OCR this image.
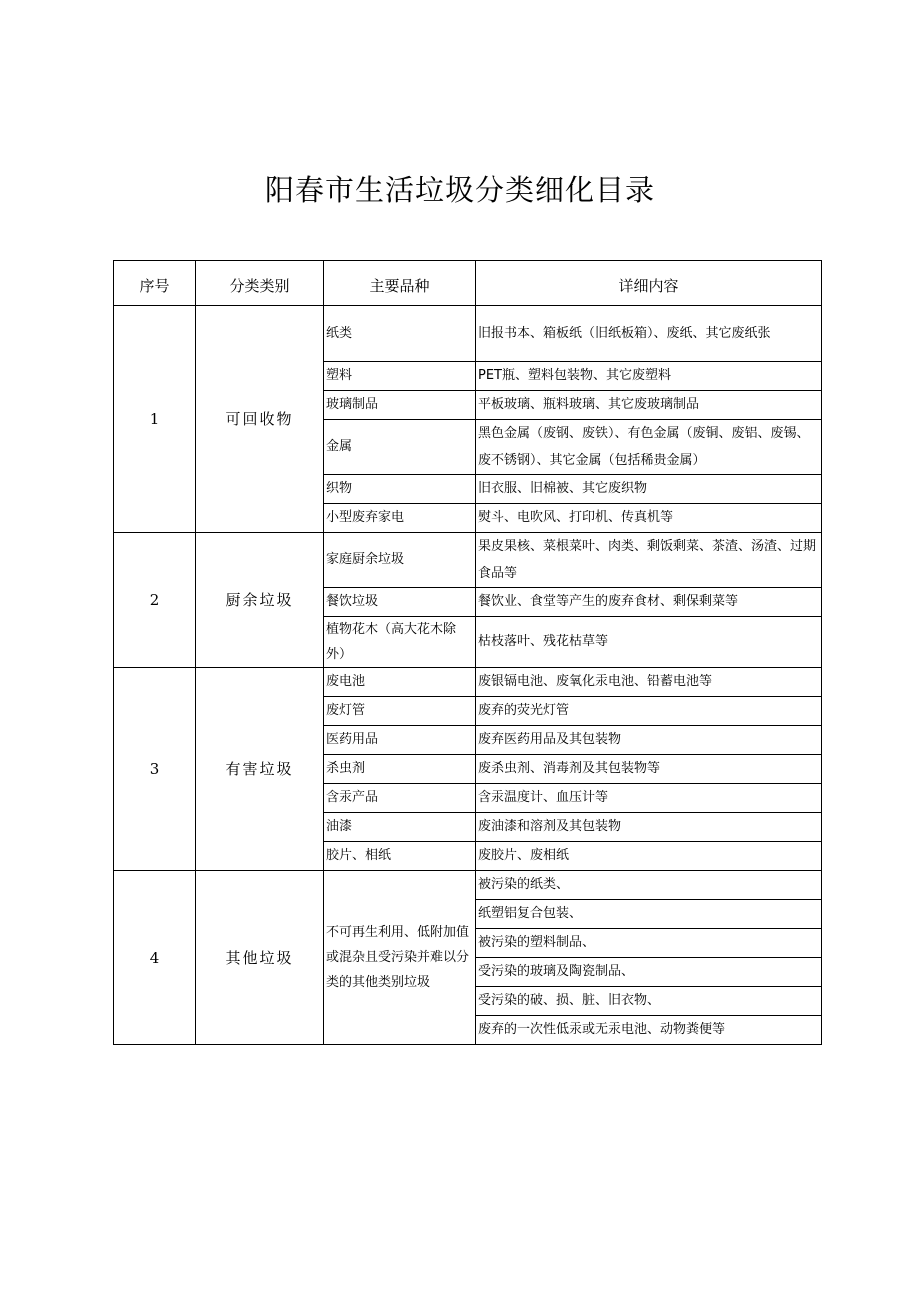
阳春市生活垃圾分类细化目录
序号	分类类别	主要品种	详细内容
1	可回收物	纸类	旧报书本、箱板纸（旧纸板箱）、废纸、其它废纸张
		塑料	PET瓶、塑料包装物、其它废塑料
		玻璃制品	平板玻璃、瓶料玻璃、其它废玻璃制品
		金属	黑色金属（废钢、废铁）、有色金属（废铜、废铝、废锡、废不锈钢）、其它金属（包括稀贵金属）
		织物	旧衣服、旧棉被、其它废织物
		小型废弃家电	熨斗、电吹风、打印机、传真机等
2	厨余垃圾	家庭厨余垃圾	果皮果核、菜根菜叶、肉类、剩饭剩菜、茶渣、汤渣、过期食品等
		餐饮垃圾	餐饮业、食堂等产生的废弃食材、剩保剩菜等
		植物花木（高大花木除外）	枯枝落叶、残花枯草等
3	有害垃圾	废电池	废银镉电池、废氧化汞电池、铅蓄电池等
		废灯管	废弃的荧光灯管
		医药用品	废弃医药用品及其包装物
		杀虫剂	废杀虫剂、消毒剂及其包装物等
		含汞产品	含汞温度计、血压计等
		油漆	废油漆和溶剂及其包装物
		胶片、相纸	废胶片、废相纸
4	其他垃圾	不可再生利用、低附加值或混杂且受污染并难以分类的其他类别垃圾	被污染的纸类、
			纸塑铝复合包装、
			被污染的塑料制品、
			受污染的玻璃及陶瓷制品、
			受污染的破、损、脏、旧衣物、
			废弃的一次性低汞或无汞电池、动物粪便等
